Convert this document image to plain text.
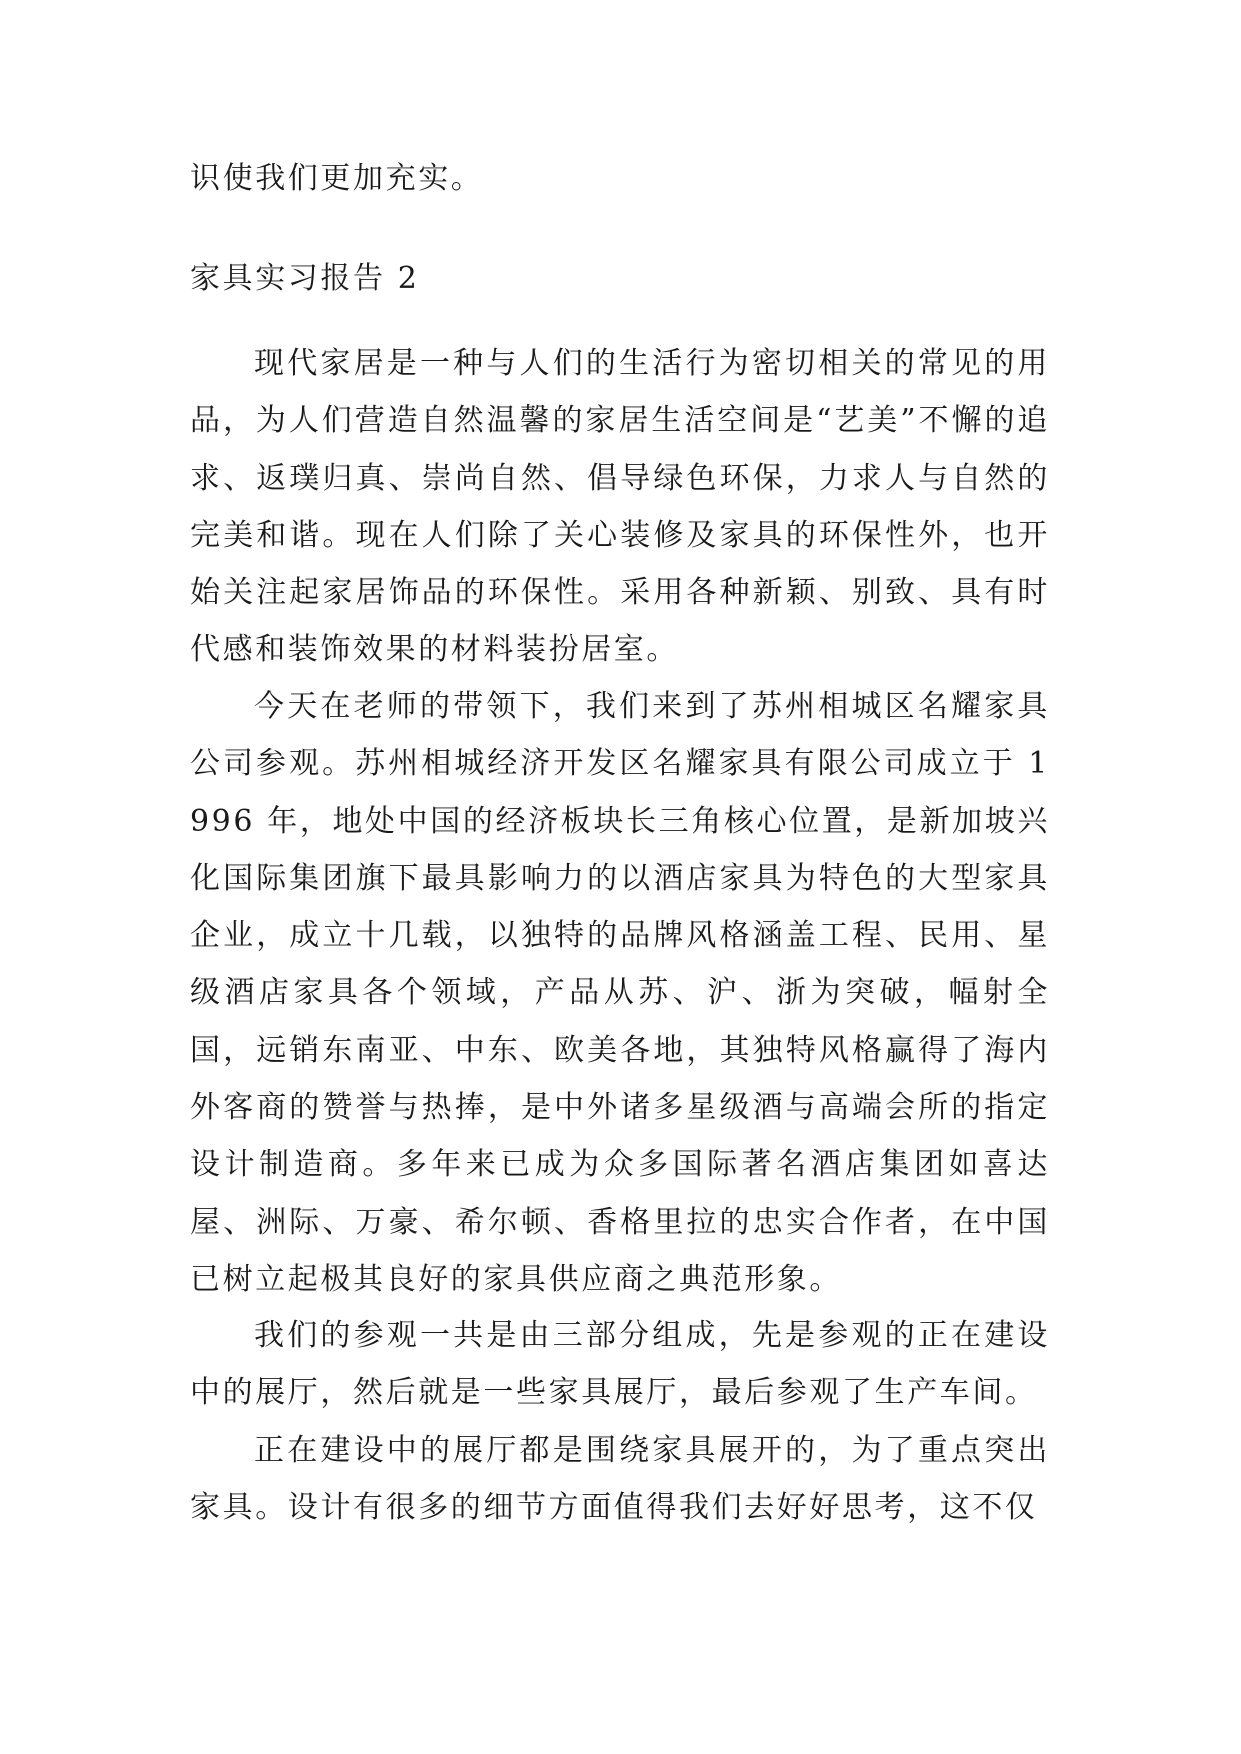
识使我们更加充实。

家具实习报告 2

现代家居是一种与人们的生活行为密切相关的常见的用品，为人们营造自然温馨的家居生活空间是“艺美”不懈的追求、返璞归真、崇尚自然、倡导绿色环保，力求人与自然的完美和谐。现在人们除了关心装修及家具的环保性外，也开始关注起家居饰品的环保性。采用各种新颖、别致、具有时代感和装饰效果的材料装扮居室。

今天在老师的带领下，我们来到了苏州相城区名耀家具公司参观。苏州相城经济开发区名耀家具有限公司成立于 1996 年，地处中国的经济板块长三角核心位置，是新加坡兴化国际集团旗下最具影响力的以酒店家具为特色的大型家具企业，成立十几载，以独特的品牌风格涵盖工程、民用、星级酒店家具各个领域，产品从苏、沪、浙为突破，幅射全国，远销东南亚、中东、欧美各地，其独特风格赢得了海内外客商的赞誉与热捧，是中外诸多星级酒与高端会所的指定设计制造商。多年来已成为众多国际著名酒店集团如喜达屋、洲际、万豪、希尔顿、香格里拉的忠实合作者，在中国已树立起极其良好的家具供应商之典范形象。

我们的参观一共是由三部分组成，先是参观的正在建设中的展厅，然后就是一些家具展厅，最后参观了生产车间。

正在建设中的展厅都是围绕家具展开的，为了重点突出家具。设计有很多的细节方面值得我们去好好思考，这不仅
